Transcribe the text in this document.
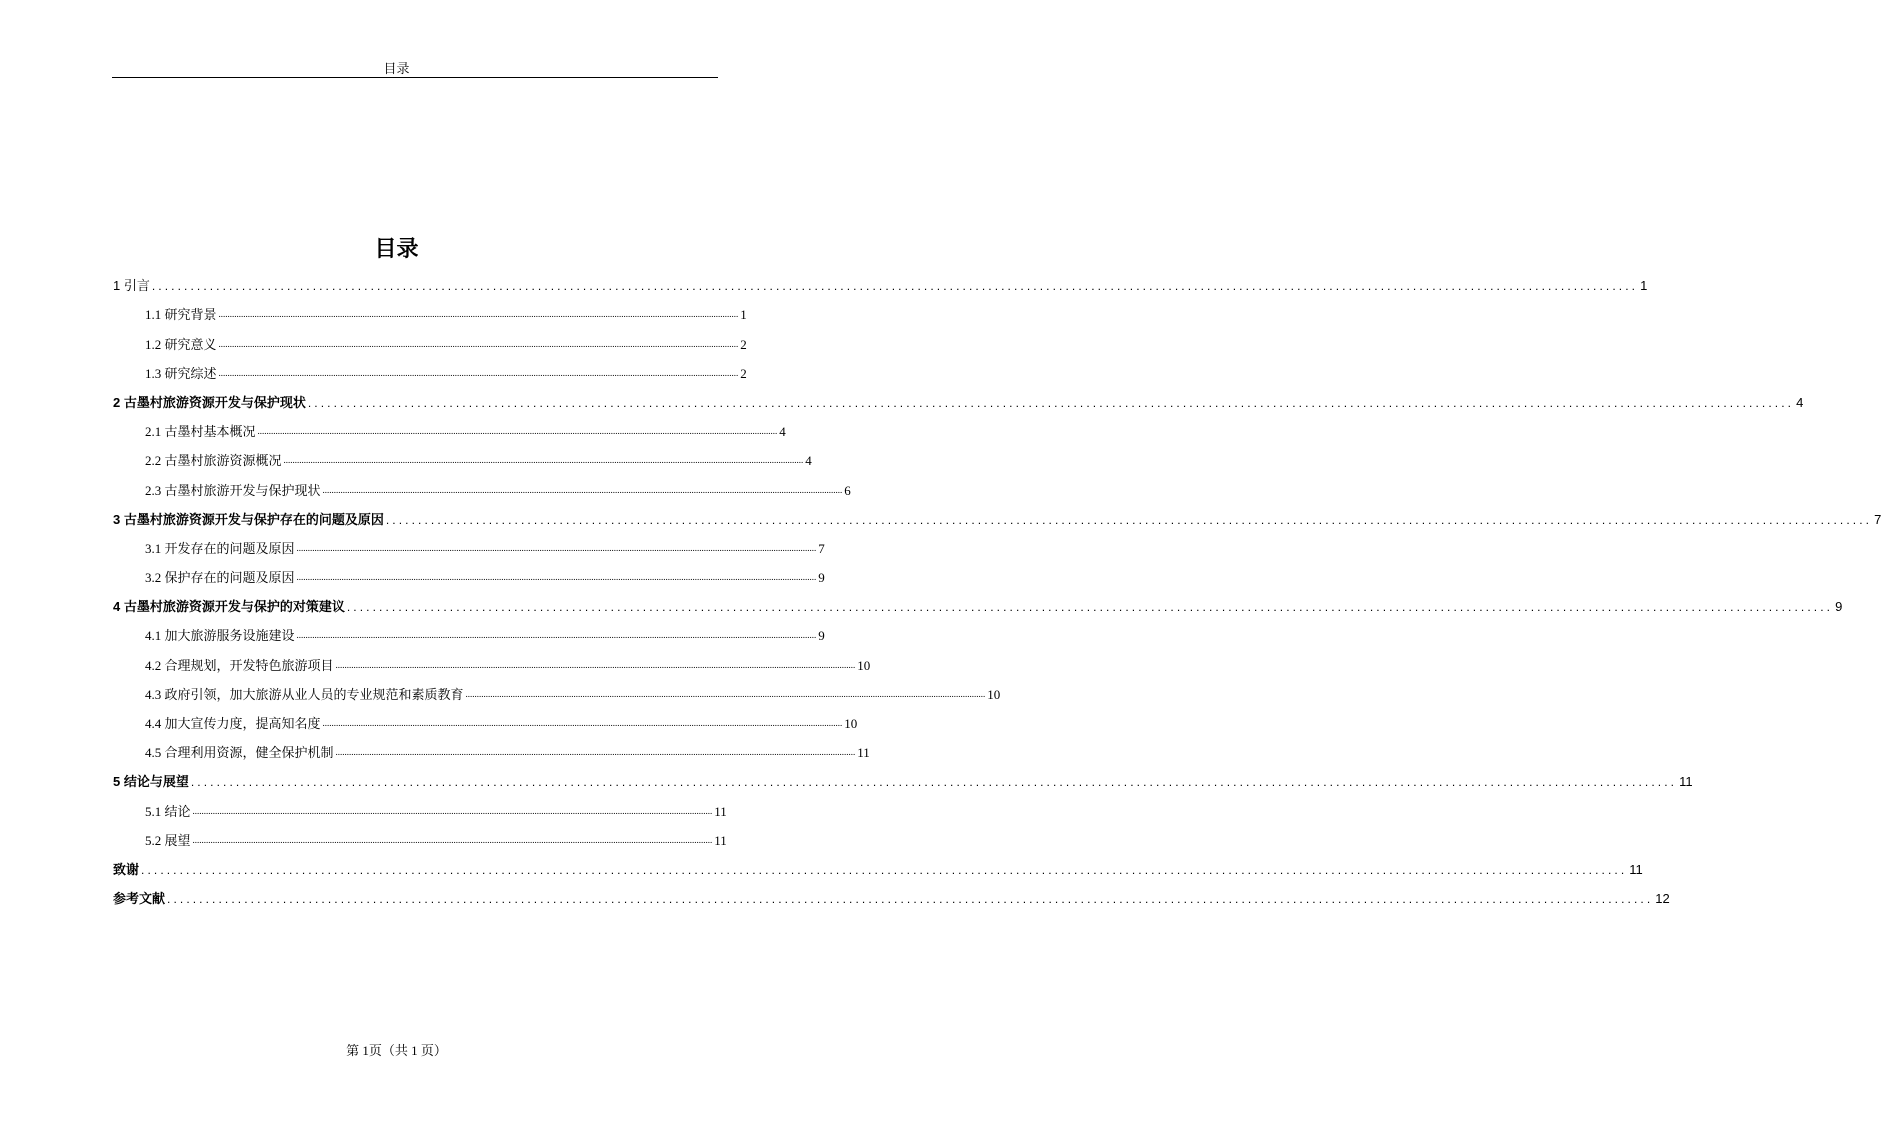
目录
目录
1 引言 ....................................................................................................................................................................................................................................... 1
1.1 研究背景 ....................................................................................................................................................................................................................................... 1
1.2 研究意义 ....................................................................................................................................................................................................................................... 2
1.3 研究综述 ....................................................................................................................................................................................................................................... 2
2 古墨村旅游资源开发与保护现状 ....................................................................................................................................................................................................................................... 4
2.1 古墨村基本概况 ....................................................................................................................................................................................................................................... 4
2.2 古墨村旅游资源概况 ....................................................................................................................................................................................................................................... 4
2.3 古墨村旅游开发与保护现状 ....................................................................................................................................................................................................................................... 6
3 古墨村旅游资源开发与保护存在的问题及原因 ....................................................................................................................................................................................................................................... 7
3.1 开发存在的问题及原因 ....................................................................................................................................................................................................................................... 7
3.2 保护存在的问题及原因 ....................................................................................................................................................................................................................................... 9
4 古墨村旅游资源开发与保护的对策建议 ....................................................................................................................................................................................................................................... 9
4.1 加大旅游服务设施建设 ....................................................................................................................................................................................................................................... 9
4.2 合理规划，开发特色旅游项目 ....................................................................................................................................................................................................................................... 10
4.3 政府引领，加大旅游从业人员的专业规范和素质教育 ....................................................................................................................................................................................................................................... 10
4.4 加大宣传力度，提高知名度 ....................................................................................................................................................................................................................................... 10
4.5 合理利用资源，健全保护机制 ....................................................................................................................................................................................................................................... 11
5 结论与展望 ....................................................................................................................................................................................................................................... 11
5.1 结论 ....................................................................................................................................................................................................................................... 11
5.2 展望 ....................................................................................................................................................................................................................................... 11
致谢 ....................................................................................................................................................................................................................................... 11
参考文献 ....................................................................................................................................................................................................................................... 12
第 1页（共 1 页）
